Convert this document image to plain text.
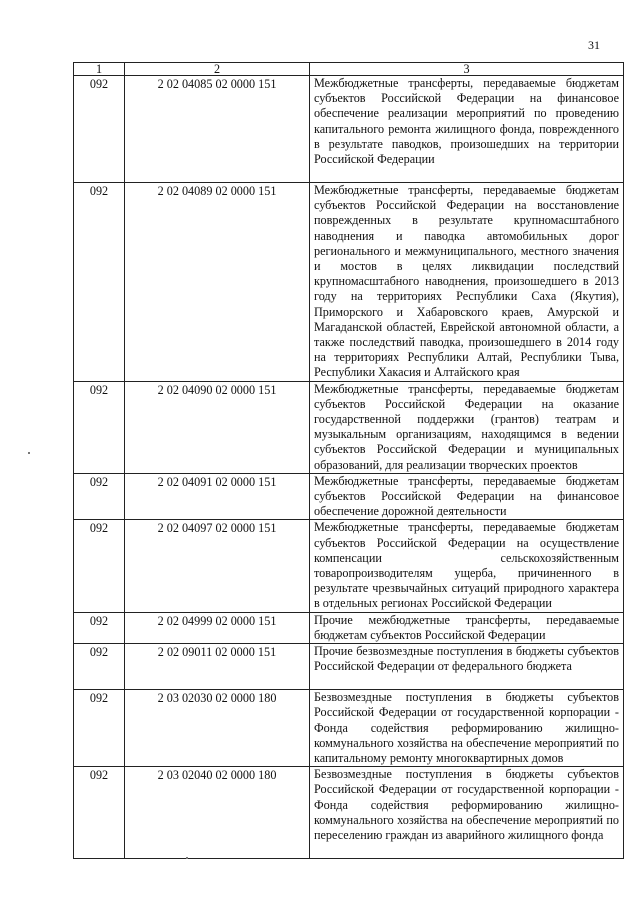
31
1	2	3
092	2 02 04085 02 0000 151	Межбюджетные трансферты, передаваемые бюджетам субъектов Российской Федерации на финансовое обеспечение реализации мероприятий по проведению капитального ремонта жилищного фонда, поврежденного в результате паводков, произошедших на территории Российской Федерации
092	2 02 04089 02 0000 151	Межбюджетные трансферты, передаваемые бюджетам субъектов Российской Федерации на восстановление поврежденных в результате крупномасштабного наводнения и паводка автомобильных дорог регионального и межмуниципального, местного значения и мостов в целях ликвидации последствий крупномасштабного наводнения, произошедшего в 2013 году на территориях Республики Саха (Якутия), Приморского и Хабаровского краев, Амурской и Магаданской областей, Еврейской автономной области, а также последствий паводка, произошедшего в 2014 году на территориях Республики Алтай, Республики Тыва, Республики Хакасия и Алтайского края
092	2 02 04090 02 0000 151	Межбюджетные трансферты, передаваемые бюджетам субъектов Российской Федерации на оказание государственной поддержки (грантов) театрам и музыкальным организациям, находящимся в ведении субъектов Российской Федерации и муниципальных образований, для реализации творческих проектов
092	2 02 04091 02 0000 151	Межбюджетные трансферты, передаваемые бюджетам субъектов Российской Федерации на финансовое обеспечение дорожной деятельности
092	2 02 04097 02 0000 151	Межбюджетные трансферты, передаваемые бюджетам субъектов Российской Федерации на осуществление компенсации сельскохозяйственным товаропроизводителям ущерба, причиненного в результате чрезвычайных ситуаций природного характера в отдельных регионах Российской Федерации
092	2 02 04999 02 0000 151	Прочие межбюджетные трансферты, передаваемые бюджетам субъектов Российской Федерации
092	2 02 09011 02 0000 151	Прочие безвозмездные поступления в бюджеты субъектов Российской Федерации от федерального бюджета
092	2 03 02030 02 0000 180	Безвозмездные поступления в бюджеты субъектов Российской Федерации от государственной корпорации - Фонда содействия реформированию жилищно-коммунального хозяйства на обеспечение мероприятий по капитальному ремонту многоквартирных домов
092	2 03 02040 02 0000 180	Безвозмездные поступления в бюджеты субъектов Российской Федерации от государственной корпорации - Фонда содействия реформированию жилищно-коммунального хозяйства на обеспечение мероприятий по переселению граждан из аварийного жилищного фонда
